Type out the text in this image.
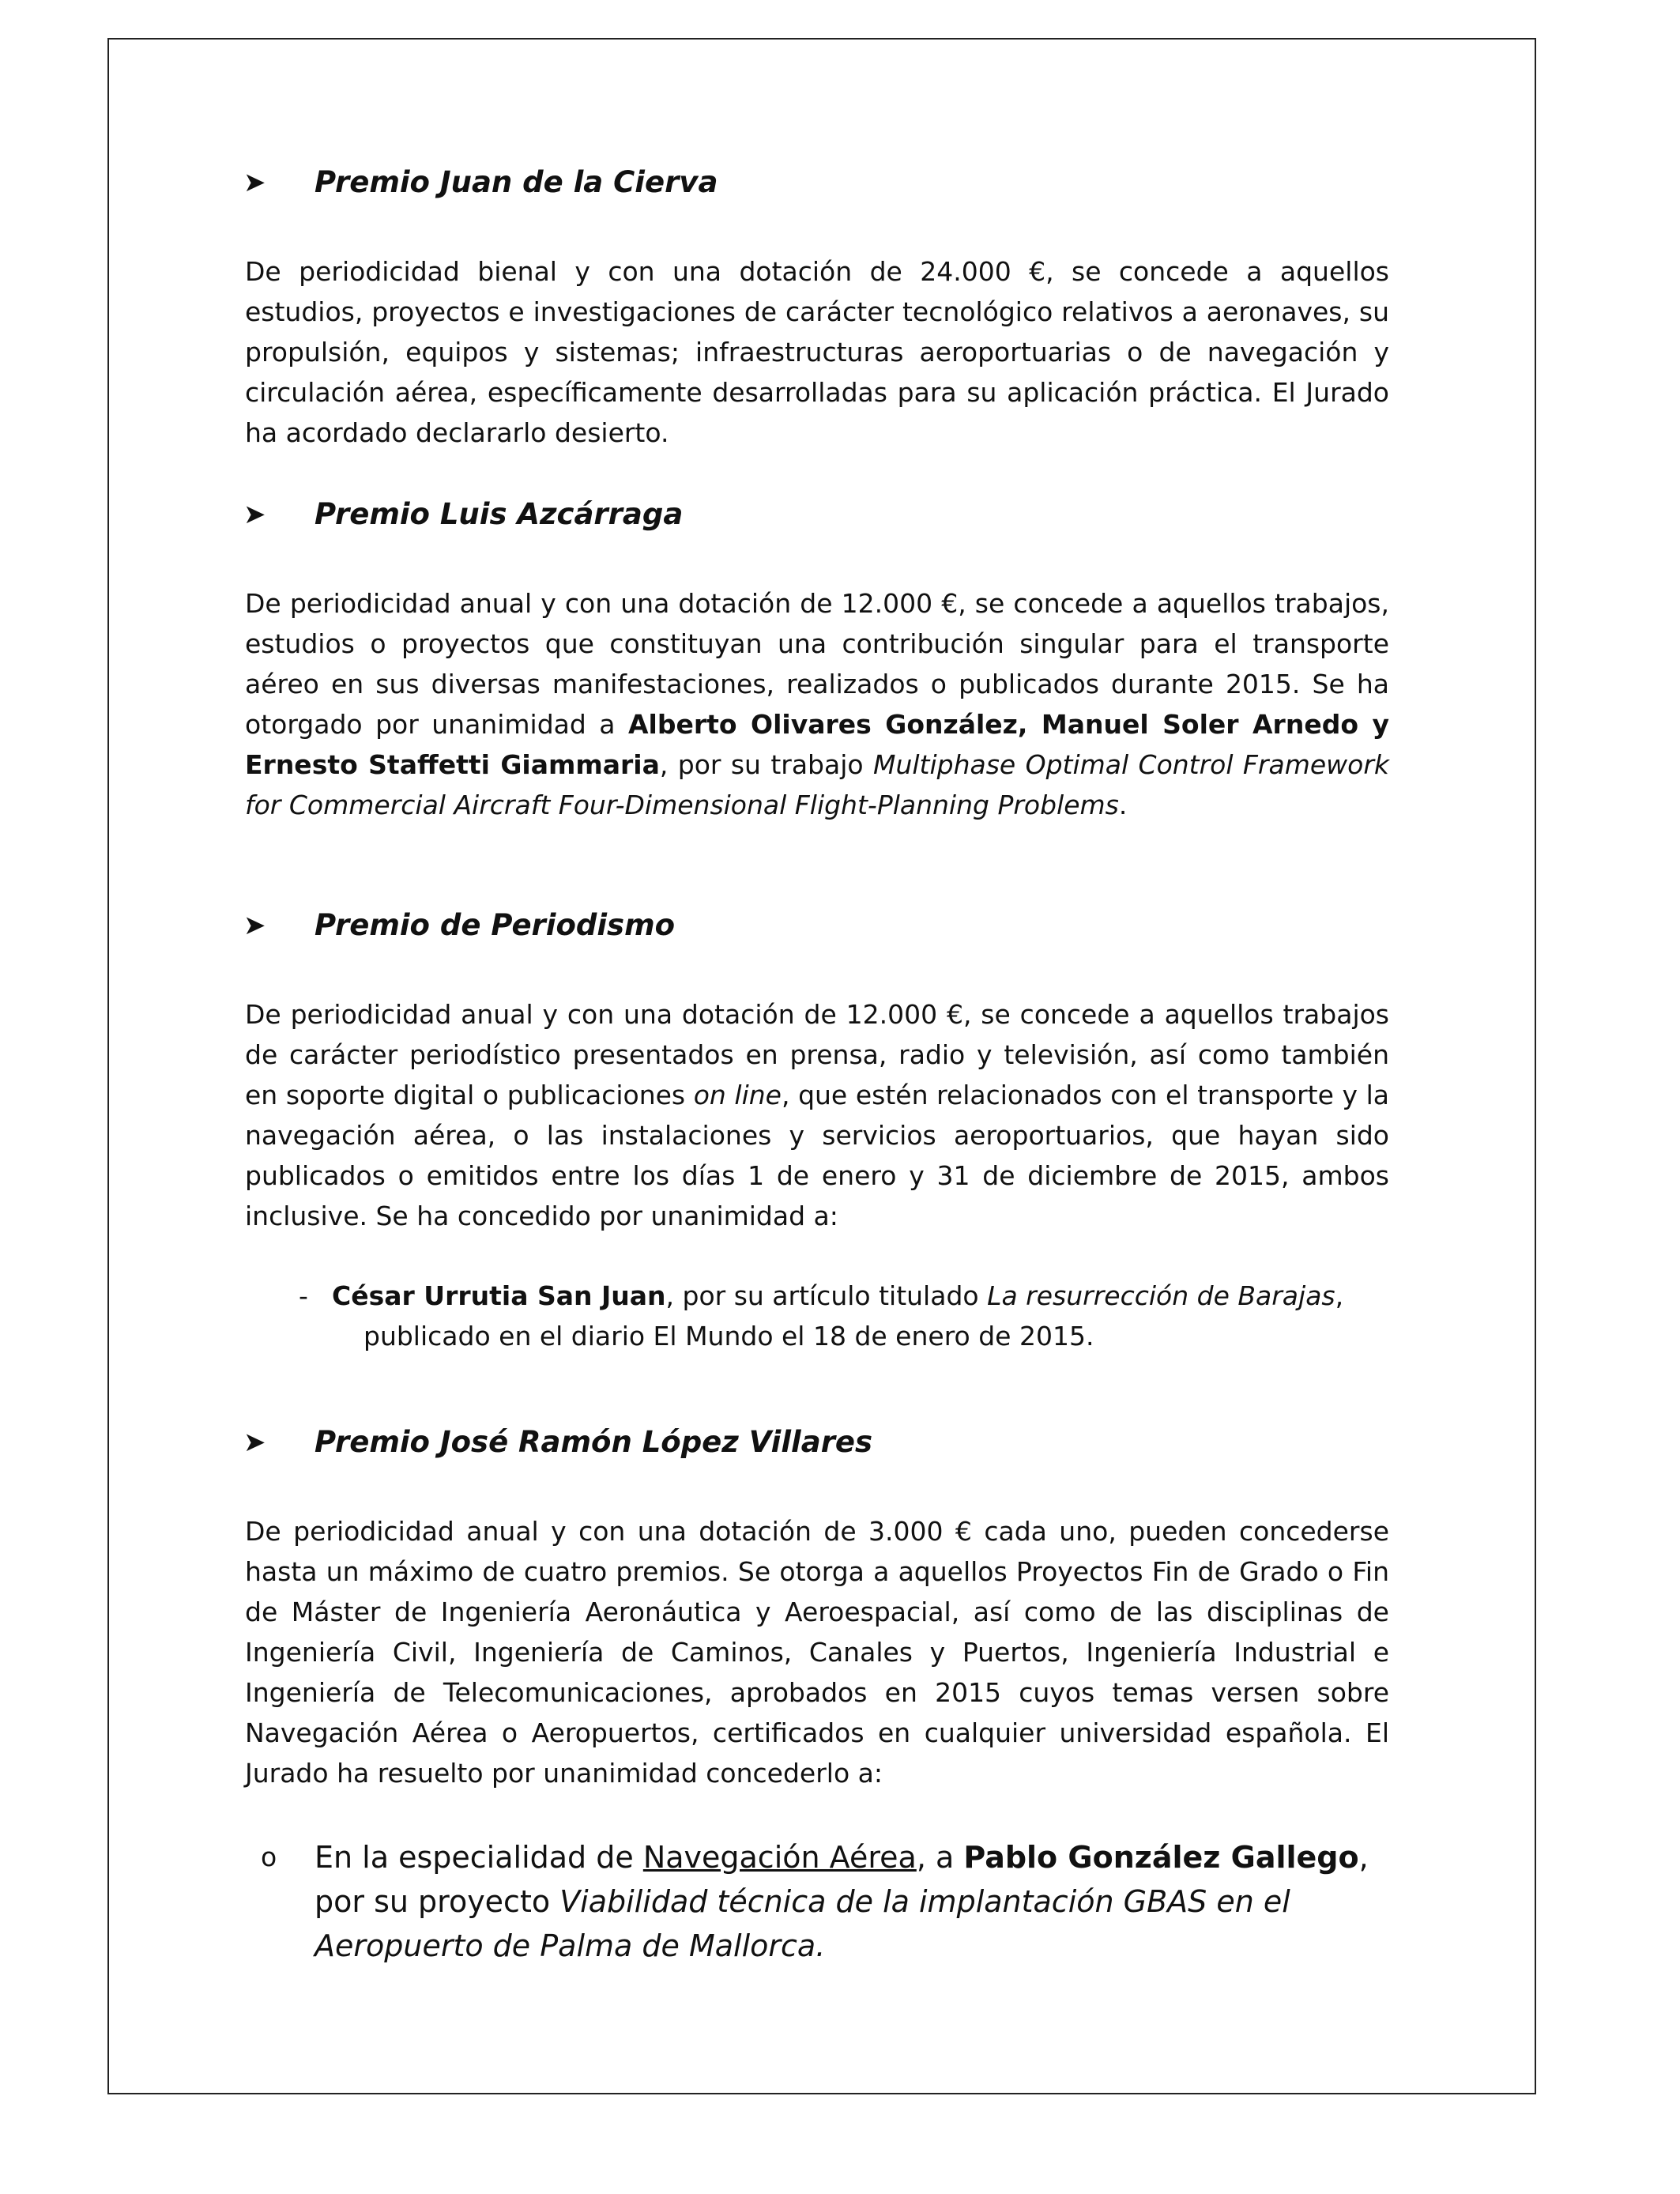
➤ Premio Juan de la Cierva

De periodicidad bienal y con una dotación de 24.000 €, se concede a aquellos estudios, proyectos e investigaciones de carácter tecnológico relativos a aeronaves, su propulsión, equipos y sistemas; infraestructuras aeroportuarias o de navegación y circulación aérea, específicamente desarrolladas para su aplicación práctica. El Jurado ha acordado declararlo desierto.

➤ Premio Luis Azcárraga

De periodicidad anual y con una dotación de 12.000 €, se concede a aquellos trabajos, estudios o proyectos que constituyan una contribución singular para el transporte aéreo en sus diversas manifestaciones, realizados o publicados durante 2015. Se ha otorgado por unanimidad a Alberto Olivares González, Manuel Soler Arnedo y Ernesto Staffetti Giammaria, por su trabajo Multiphase Optimal Control Framework for Commercial Aircraft Four-Dimensional Flight-Planning Problems.

➤ Premio de Periodismo

De periodicidad anual y con una dotación de 12.000 €, se concede a aquellos trabajos de carácter periodístico presentados en prensa, radio y televisión, así como también en soporte digital o publicaciones on line, que estén relacionados con el transporte y la navegación aérea, o las instalaciones y servicios aeroportuarios, que hayan sido publicados o emitidos entre los días 1 de enero y 31 de diciembre de 2015, ambos inclusive. Se ha concedido por unanimidad a:

- César Urrutia San Juan, por su artículo titulado La resurrección de Barajas,
publicado en el diario El Mundo el 18 de enero de 2015.
➤ Premio José Ramón López Villares

De periodicidad anual y con una dotación de 3.000 € cada uno, pueden concederse hasta un máximo de cuatro premios. Se otorga a aquellos Proyectos Fin de Grado o Fin de Máster de Ingeniería Aeronáutica y Aeroespacial, así como de las disciplinas de Ingeniería Civil, Ingeniería de Caminos, Canales y Puertos, Ingeniería Industrial e Ingeniería de Telecomunicaciones, aprobados en 2015 cuyos temas versen sobre Navegación Aérea o Aeropuertos, certificados en cualquier universidad española. El Jurado ha resuelto por unanimidad concederlo a:

o En la especialidad de Navegación Aérea, a Pablo González Gallego, por su proyecto Viabilidad técnica de la implantación GBAS en el Aeropuerto de Palma de Mallorca.
